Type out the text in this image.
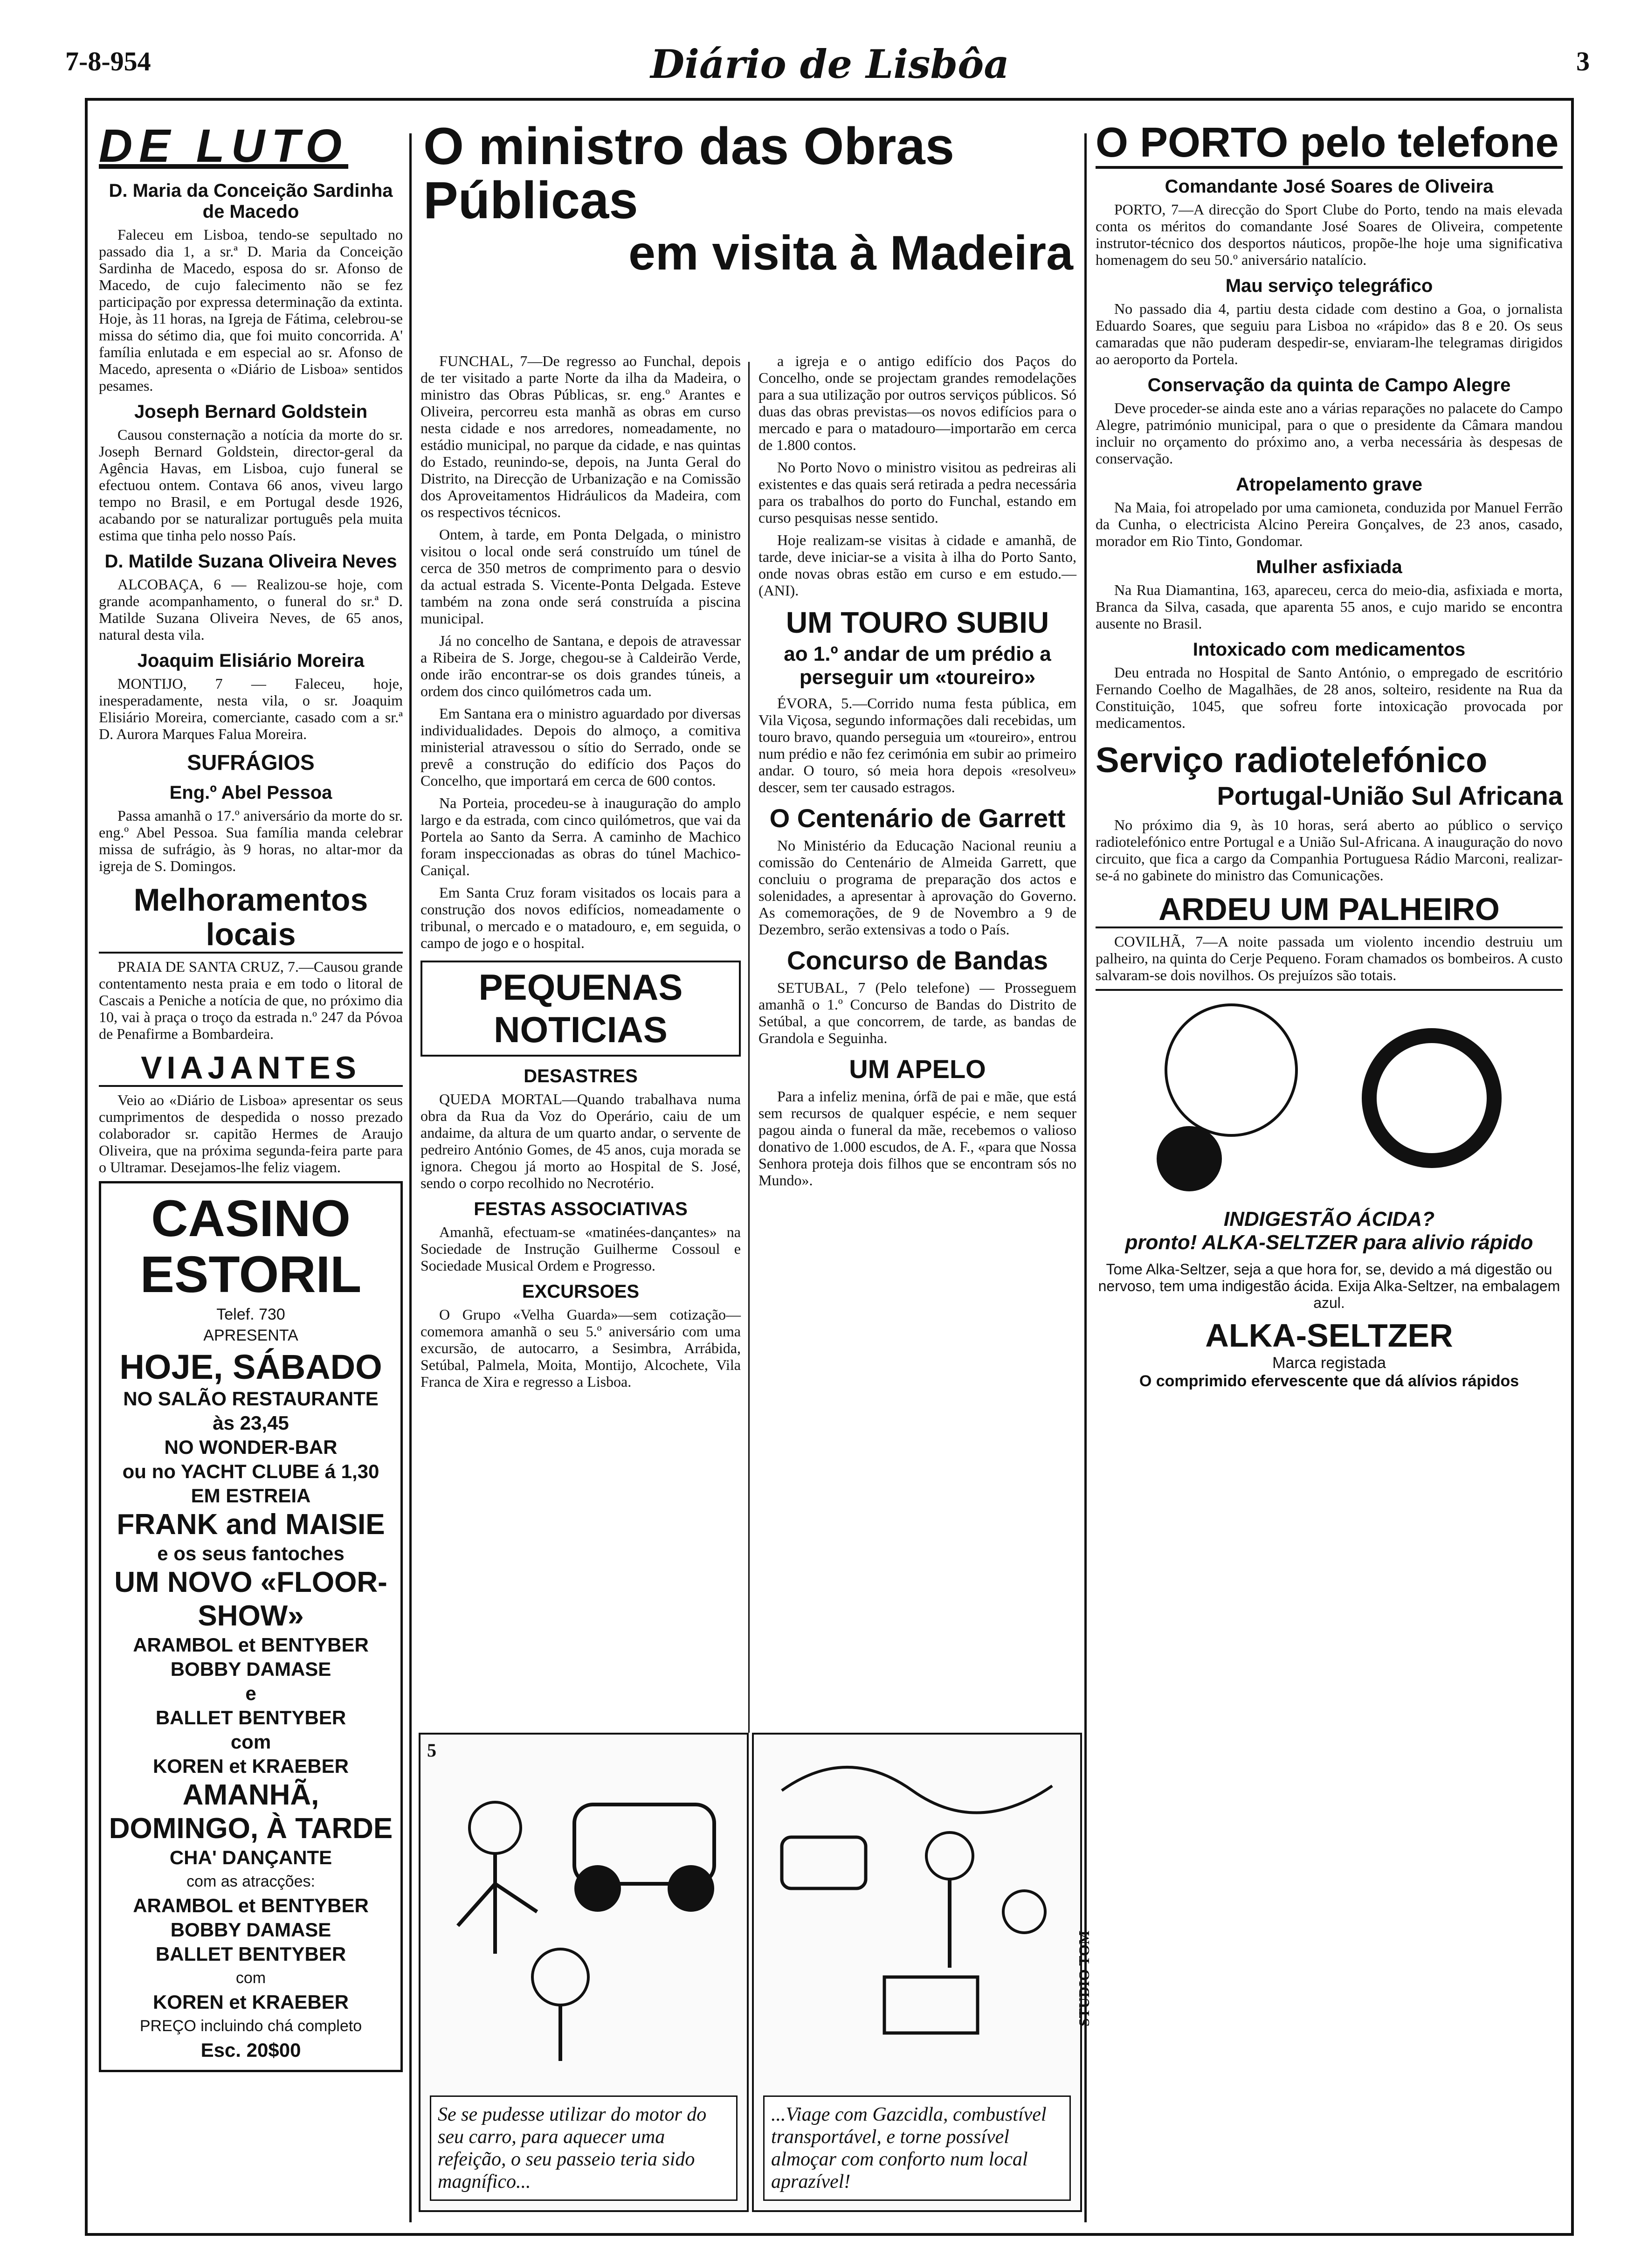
7-8-954	Diário de Lisbôa	3
DE LUTO
D. Maria da Conceição Sardinha de Macedo

Faleceu em Lisboa, tendo-se sepultado no passado dia 1, a sr.ª D. Maria da Conceição Sardinha de Macedo, esposa do sr. Afonso de Macedo, de cujo falecimento não se fez participação por expressa determinação da extinta. Hoje, às 11 horas, na Igreja de Fátima, celebrou-se missa do sétimo dia, que foi muito concorrida. A' família enlutada e em especial ao sr. Afonso de Macedo, apresenta o «Diário de Lisboa» sentidos pesames.

Joseph Bernard Goldstein

Causou consternação a notícia da morte do sr. Joseph Bernard Goldstein, director-geral da Agência Havas, em Lisboa, cujo funeral se efectuou ontem. Contava 66 anos, viveu largo tempo no Brasil, e em Portugal desde 1926, acabando por se naturalizar português pela muita estima que tinha pelo nosso País.

D. Matilde Suzana Oliveira Neves

ALCOBAÇA, 6 — Realizou-se hoje, com grande acompanhamento, o funeral do sr.ª D. Matilde Suzana Oliveira Neves, de 65 anos, natural desta vila.

Joaquim Elisiário Moreira

MONTIJO, 7 — Faleceu, hoje, inesperadamente, nesta vila, o sr. Joaquim Elisiário Moreira, comerciante, casado com a sr.ª D. Aurora Marques Falua Moreira.

SUFRÁGIOS
Eng.º Abel Pessoa

Passa amanhã o 17.º aniversário da morte do sr. eng.º Abel Pessoa. Sua família manda celebrar missa de sufrágio, às 9 horas, no altar-mor da igreja de S. Domingos.

Melhoramentos locais

PRAIA DE SANTA CRUZ, 7.—Causou grande contentamento nesta praia e em todo o litoral de Cascais a Peniche a notícia de que, no próximo dia 10, vai à praça o troço da estrada n.º 247 da Póvoa de Penafirme a Bombardeira.

VIAJANTES

Veio ao «Diário de Lisboa» apresentar os seus cumprimentos de despedida o nosso prezado colaborador sr. capitão Hermes de Araujo Oliveira, que na próxima segunda-feira parte para o Ultramar. Desejamos-lhe feliz viagem.

CASINO ESTORIL
Telef. 730
APRESENTA
HOJE, SÁBADO
NO SALÃO RESTAURANTE
às 23,45
NO WONDER-BAR
ou no YACHT CLUBE á 1,30
EM ESTREIA
FRANK and MAISIE
e os seus fantoches
UM NOVO «FLOOR-SHOW»
ARAMBOL et BENTYBER
BOBBY DAMASE
e
BALLET BENTYBER
com
KOREN et KRAEBER
AMANHÃ, DOMINGO, À TARDE
CHA' DANÇANTE
com as atracções:
ARAMBOL et BENTYBER
BOBBY DAMASE
BALLET BENTYBER
com
KOREN et KRAEBER
PREÇO incluindo chá completo
Esc. 20$00
O ministro das Obras Públicas
em visita à Madeira

FUNCHAL, 7—De regresso ao Funchal, depois de ter visitado a parte Norte da ilha da Madeira, o ministro das Obras Públicas, sr. eng.º Arantes e Oliveira, percorreu esta manhã as obras em curso nesta cidade e nos arredores, nomeadamente, no estádio municipal, no parque da cidade, e nas quintas do Estado, reunindo-se, depois, na Junta Geral do Distrito, na Direcção de Urbanização e na Comissão dos Aproveitamentos Hidráulicos da Madeira, com os respectivos técnicos.

Ontem, à tarde, em Ponta Delgada, o ministro visitou o local onde será construído um túnel de cerca de 350 metros de comprimento para o desvio da actual estrada S. Vicente-Ponta Delgada. Esteve também na zona onde será construída a piscina municipal.

Já no concelho de Santana, e depois de atravessar a Ribeira de S. Jorge, chegou-se à Caldeirão Verde, onde irão encontrar-se os dois grandes túneis, a ordem dos cinco quilómetros cada um.

Em Santana era o ministro aguardado por diversas individualidades. Depois do almoço, a comitiva ministerial atravessou o sítio do Serrado, onde se prevê a construção do edifício dos Paços do Concelho, que importará em cerca de 600 contos.

Na Porteia, procedeu-se à inauguração do amplo largo e da estrada, com cinco quilómetros, que vai da Portela ao Santo da Serra. A caminho de Machico foram inspeccionadas as obras do túnel Machico-Caniçal.

Em Santa Cruz foram visitados os locais para a construção dos novos edifícios, nomeadamente o tribunal, o mercado e o matadouro, e, em seguida, o campo de jogo e o hospital.

PEQUENAS NOTICIAS
DESASTRES

QUEDA MORTAL—Quando trabalhava numa obra da Rua da Voz do Operário, caiu de um andaime, da altura de um quarto andar, o servente de pedreiro António Gomes, de 45 anos, cuja morada se ignora. Chegou já morto ao Hospital de S. José, sendo o corpo recolhido no Necrotério.

FESTAS ASSOCIATIVAS

Amanhã, efectuam-se «matinées-dançantes» na Sociedade de Instrução Guilherme Cossoul e Sociedade Musical Ordem e Progresso.

EXCURSOES

O Grupo «Velha Guarda»—sem cotização—comemora amanhã o seu 5.º aniversário com uma excursão, de autocarro, a Sesimbra, Arrábida, Setúbal, Palmela, Moita, Montijo, Alcochete, Vila Franca de Xira e regresso a Lisboa.

a igreja e o antigo edifício dos Paços do Concelho, onde se projectam grandes remodelações para a sua utilização por outros serviços públicos. Só duas das obras previstas—os novos edifícios para o mercado e para o matadouro—importarão em cerca de 1.800 contos.

No Porto Novo o ministro visitou as pedreiras ali existentes e das quais será retirada a pedra necessária para os trabalhos do porto do Funchal, estando em curso pesquisas nesse sentido.

Hoje realizam-se visitas à cidade e amanhã, de tarde, deve iniciar-se a visita à ilha do Porto Santo, onde novas obras estão em curso e em estudo.—(ANI).

UM TOURO SUBIU
ao 1.º andar de um prédio a perseguir um «toureiro»

ÉVORA, 5.—Corrido numa festa pública, em Vila Viçosa, segundo informações dali recebidas, um touro bravo, quando perseguia um «toureiro», entrou num prédio e não fez cerimónia em subir ao primeiro andar. O touro, só meia hora depois «resolveu» descer, sem ter causado estragos.

O Centenário de Garrett

No Ministério da Educação Nacional reuniu a comissão do Centenário de Almeida Garrett, que concluiu o programa de preparação dos actos e solenidades, a apresentar à aprovação do Governo. As comemorações, de 9 de Novembro a 9 de Dezembro, serão extensivas a todo o País.

Concurso de Bandas

SETUBAL, 7 (Pelo telefone) — Prosseguem amanhã o 1.º Concurso de Bandas do Distrito de Setúbal, a que concorrem, de tarde, as bandas de Grandola e Seguinha.

UM APELO

Para a infeliz menina, órfã de pai e mãe, que está sem recursos de qualquer espécie, e nem sequer pagou ainda o funeral da mãe, recebemos o valioso donativo de 1.000 escudos, de A. F., «para que Nossa Senhora proteja dois filhos que se encontram sós no Mundo».

5
Se se pudesse utilizar do motor do seu carro, para aquecer uma refeição, o seu passeio teria sido magnífico...
STUDIO TOM
...Viage com Gazcidla, combustível transportável, e torne possível almoçar com conforto num local aprazível!
O PORTO pelo telefone
Comandante José Soares de Oliveira

PORTO, 7—A direcção do Sport Clube do Porto, tendo na mais elevada conta os méritos do comandante José Soares de Oliveira, competente instrutor-técnico dos desportos náuticos, propõe-lhe hoje uma significativa homenagem do seu 50.º aniversário natalício.

Mau serviço telegráfico

No passado dia 4, partiu desta cidade com destino a Goa, o jornalista Eduardo Soares, que seguiu para Lisboa no «rápido» das 8 e 20. Os seus camaradas que não puderam despedir-se, enviaram-lhe telegramas dirigidos ao aeroporto da Portela.

Conservação da quinta de Campo Alegre

Deve proceder-se ainda este ano a várias reparações no palacete do Campo Alegre, património municipal, para o que o presidente da Câmara mandou incluir no orçamento do próximo ano, a verba necessária às despesas de conservação.

Atropelamento grave

Na Maia, foi atropelado por uma camioneta, conduzida por Manuel Ferrão da Cunha, o electricista Alcino Pereira Gonçalves, de 23 anos, casado, morador em Rio Tinto, Gondomar.

Mulher asfixiada

Na Rua Diamantina, 163, apareceu, cerca do meio-dia, asfixiada e morta, Branca da Silva, casada, que aparenta 55 anos, e cujo marido se encontra ausente no Brasil.

Intoxicado com medicamentos

Deu entrada no Hospital de Santo António, o empregado de escritório Fernando Coelho de Magalhães, de 28 anos, solteiro, residente na Rua da Constituição, 1045, que sofreu forte intoxicação provocada por medicamentos.

Serviço radiotelefónico
Portugal-União Sul Africana

No próximo dia 9, às 10 horas, será aberto ao público o serviço radiotelefónico entre Portugal e a União Sul-Africana. A inauguração do novo circuito, que fica a cargo da Companhia Portuguesa Rádio Marconi, realizar-se-á no gabinete do ministro das Comunicações.

ARDEU UM PALHEIRO

COVILHÃ, 7—A noite passada um violento incendio destruiu um palheiro, na quinta do Cerje Pequeno. Foram chamados os bombeiros. A custo salvaram-se dois novilhos. Os prejuízos são totais.

INDIGESTÃO ÁCIDA?
pronto! ALKA-SELTZER para alivio rápido

Tome Alka-Seltzer, seja a que hora for, se, devido a má digestão ou nervoso, tem uma indigestão ácida. Exija Alka-Seltzer, na embalagem azul.

ALKA-SELTZER
Marca registada
O comprimido efervescente que dá alívios rápidos
